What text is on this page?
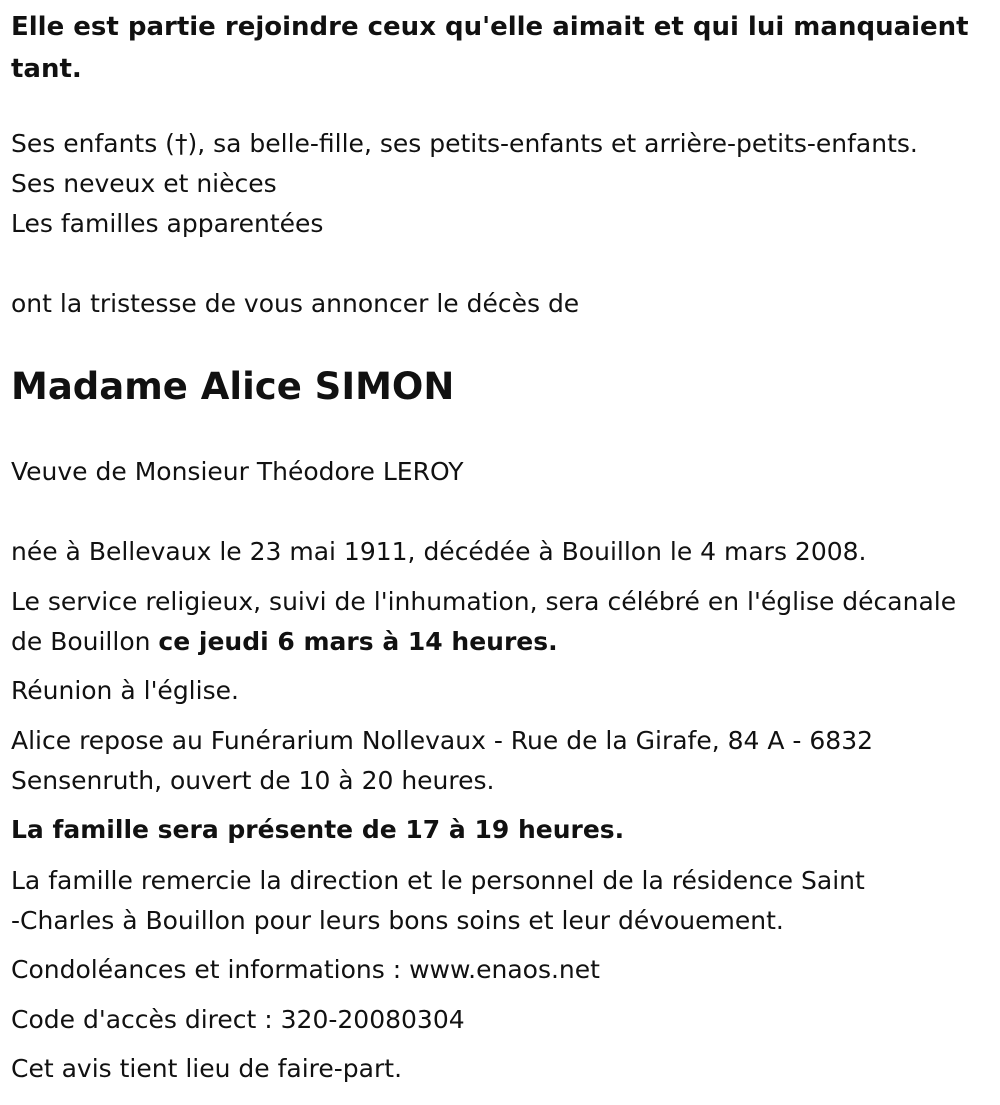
Elle est partie rejoindre ceux qu'elle aimait et qui lui manquaient tant.

Ses enfants (†), sa belle-fille, ses petits-enfants et arrière-petits-enfants.

Ses neveux et nièces

Les familles apparentées

ont la tristesse de vous annoncer le décès de

Madame Alice SIMON

Veuve de Monsieur Théodore LEROY

née à Bellevaux le 23 mai 1911, décédée à Bouillon le 4 mars 2008.

Le service religieux, suivi de l'inhumation, sera célébré en l'église décanale de Bouillon ce jeudi 6 mars à 14 heures.

Réunion à l'église.

Alice repose au Funérarium Nollevaux - Rue de la Girafe, 84 A - 6832

Sensenruth, ouvert de 10 à 20 heures.

La famille sera présente de 17 à 19 heures.

La famille remercie la direction et le personnel de la résidence Saint

-Charles à Bouillon pour leurs bons soins et leur dévouement.

Condoléances et informations : www.enaos.net

Code d'accès direct : 320-20080304

Cet avis tient lieu de faire-part.
